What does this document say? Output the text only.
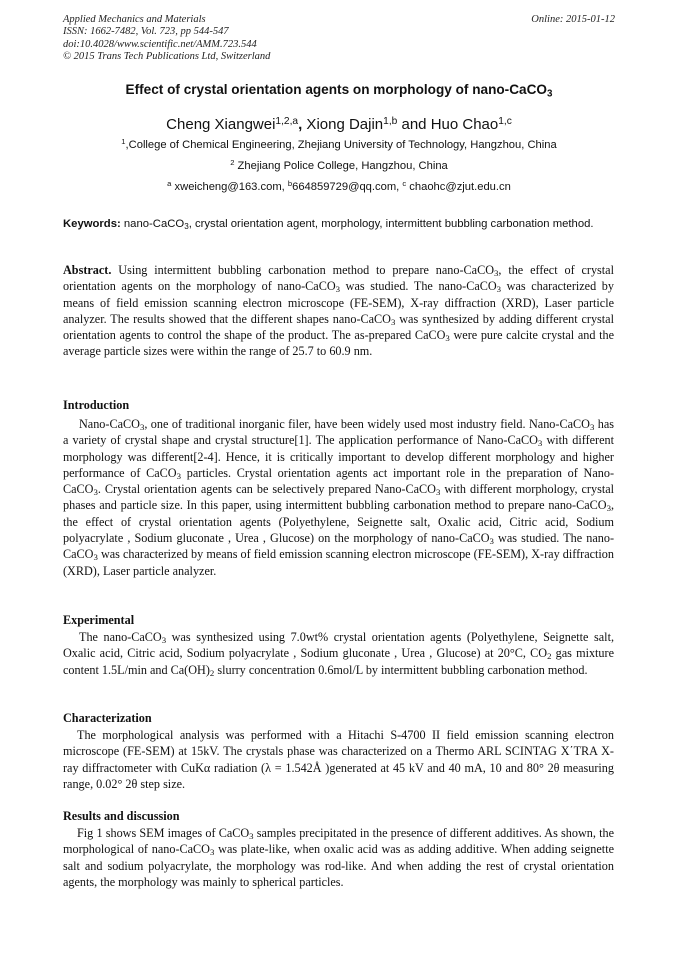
Applied Mechanics and Materials
ISSN: 1662-7482, Vol. 723, pp 544-547
doi:10.4028/www.scientific.net/AMM.723.544
© 2015 Trans Tech Publications Ltd, Switzerland
Online: 2015-01-12
Effect of crystal orientation agents on morphology of nano-CaCO$_3$
Cheng Xiangwei$^{1,2,a}$, Xiong Dajin$^{1,b}$ and Huo Chao$^{1,c}$
$^1$,College of Chemical Engineering, Zhejiang University of Technology, Hangzhou, China
$^2$ Zhejiang Police College, Hangzhou, China
$^a$ xweicheng@163.com, $^b$664859729@qq.com, $^c$ chaohc@zjut.edu.cn
Keywords: nano-CaCO$_3$, crystal orientation agent, morphology, intermittent bubbling carbonation method.

Abstract. Using intermittent bubbling carbonation method to prepare nano-CaCO$_3$, the effect of crystal orientation agents on the morphology of nano-CaCO$_3$ was studied. The nano-CaCO$_3$ was characterized by means of field emission scanning electron microscope (FE-SEM), X-ray diffraction (XRD), Laser particle analyzer. The results showed that the different shapes nano-CaCO$_3$ was synthesized by adding different crystal orientation agents to control the shape of the product. The as-prepared CaCO$_3$ were pure calcite crystal and the average particle sizes were within the range of 25.7 to 60.9 nm.

Introduction

Nano-CaCO$_3$, one of traditional inorganic filer, have been widely used most industry field. Nano-CaCO$_3$ has a variety of crystal shape and crystal structure[1]. The application performance of Nano-CaCO$_3$ with different morphology was different[2-4]. Hence, it is critically important to develop different morphology and higher performance of CaCO$_3$ particles. Crystal orientation agents act important role in the preparation of Nano-CaCO$_3$. Crystal orientation agents can be selectively prepared Nano-CaCO$_3$ with different morphology, crystal phases and particle size. In this paper, using intermittent bubbling carbonation method to prepare nano-CaCO$_3$, the effect of crystal orientation agents (Polyethylene, Seignette salt, Oxalic acid, Citric acid, Sodium polyacrylate , Sodium gluconate , Urea , Glucose) on the morphology of nano-CaCO$_3$ was studied. The nano-CaCO$_3$ was characterized by means of field emission scanning electron microscope (FE-SEM), X-ray diffraction (XRD), Laser particle analyzer.

Experimental

The nano-CaCO$_3$ was synthesized using 7.0wt% crystal orientation agents (Polyethylene, Seignette salt, Oxalic acid, Citric acid, Sodium polyacrylate , Sodium gluconate , Urea , Glucose) at 20°C, $CO_2$ gas mixture content 1.5L/min and $Ca(OH)_2$ slurry concentration 0.6mol/L by intermittent bubbling carbonation method.

Characterization

The morphological analysis was performed with a Hitachi S-4700 II field emission scanning electron microscope (FE-SEM) at 15kV. The crystals phase was characterized on a Thermo ARL SCINTAG X΄TRA X-ray diffractometer with CuKα radiation (λ = 1.542Å )generated at 45 kV and 40 mA, 10 and 80° 2θ measuring range, 0.02° 2θ step size.

Results and discussion

Fig 1 shows SEM images of CaCO$_3$ samples precipitated in the presence of different additives. As shown, the morphological of nano-CaCO$_3$ was plate-like, when oxalic acid was as adding additive. When adding seignette salt and sodium polyacrylate, the morphology was rod-like. And when adding the rest of crystal orientation agents, the morphology was mainly to spherical particles.
